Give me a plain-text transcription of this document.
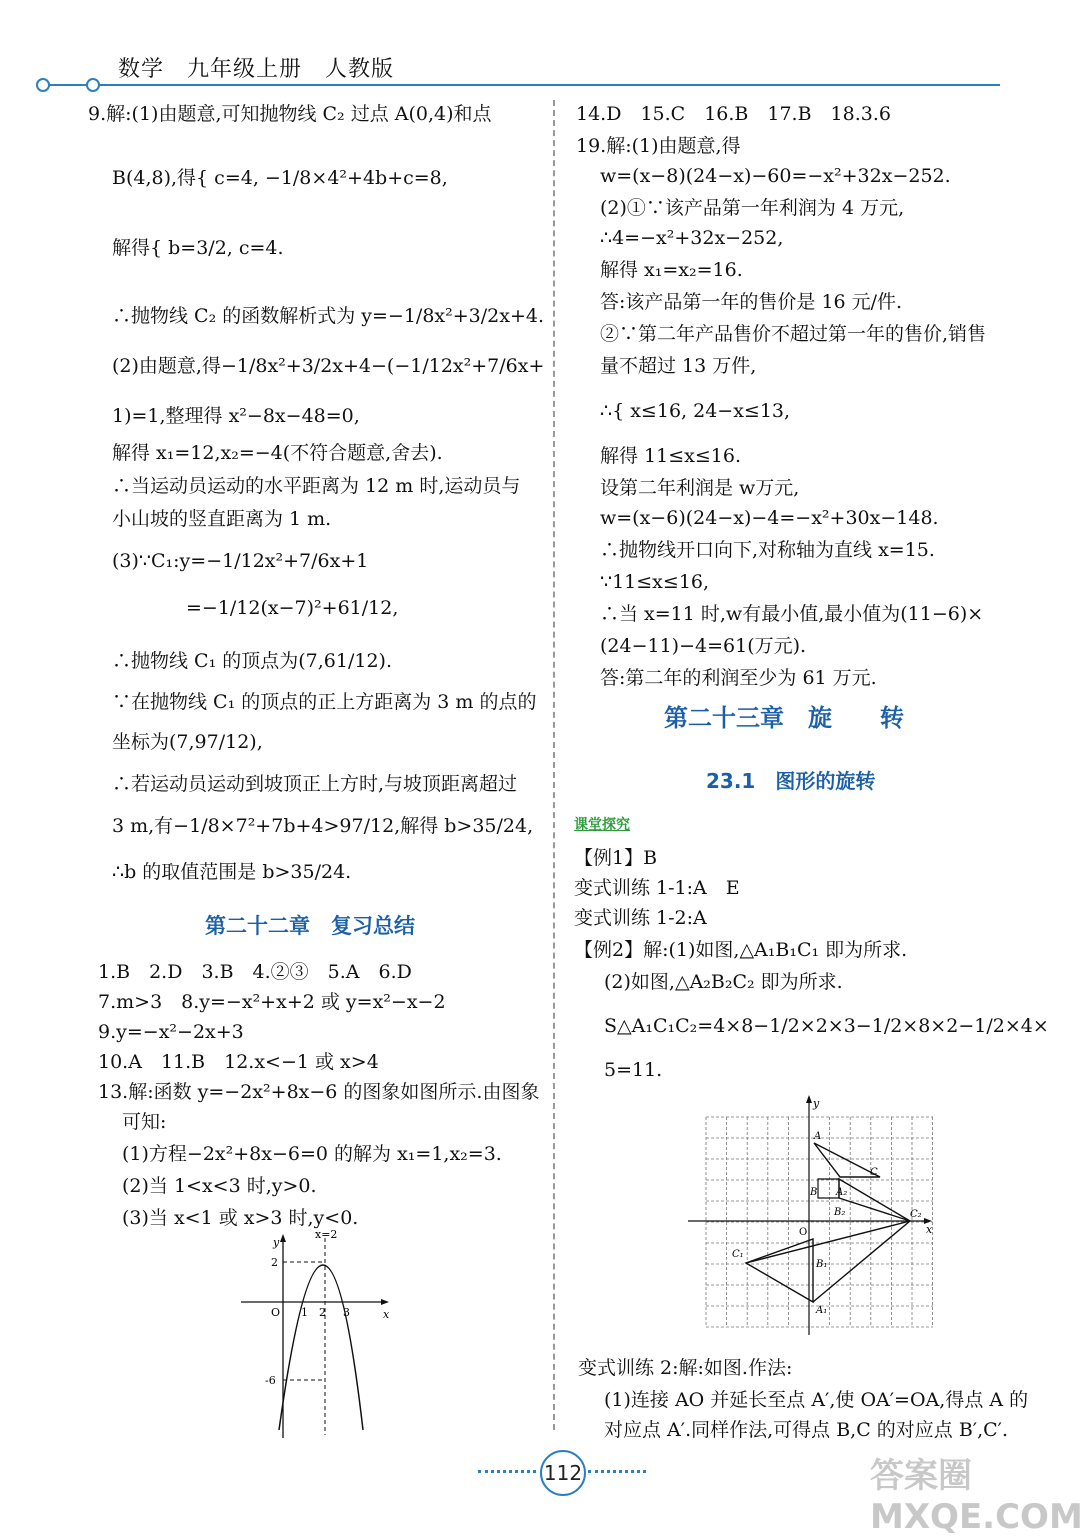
数学　九年级上册　人教版
9.解:(1)由题意,可知抛物线 C₂ 过点 A(0,4)和点
B(4,8),得{ c=4, −1/8×4²+4b+c=8,
解得{ b=3/2, c=4.
∴抛物线 C₂ 的函数解析式为 y=−1/8x²+3/2x+4.
(2)由题意,得−1/8x²+3/2x+4−(−1/12x²+7/6x+
1)=1,整理得 x²−8x−48=0,
解得 x₁=12,x₂=−4(不符合题意,舍去).
∴当运动员运动的水平距离为 12 m 时,运动员与
小山坡的竖直距离为 1 m.
(3)∵C₁:y=−1/12x²+7/6x+1
=−1/12(x−7)²+61/12,
∴抛物线 C₁ 的顶点为(7,61/12).
∵在抛物线 C₁ 的顶点的正上方距离为 3 m 的点的
坐标为(7,97/12),
∴若运动员运动到坡顶正上方时,与坡顶距离超过
3 m,有−1/8×7²+7b+4>97/12,解得 b>35/24,
∴b 的取值范围是 b>35/24.
第二十二章　复习总结
1.B　2.D　3.B　4.②③　5.A　6.D
7.m>3　8.y=−x²+x+2 或 y=x²−x−2
9.y=−x²−2x+3
10.A　11.B　12.x<−1 或 x>4
13.解:函数 y=−2x²+8x−6 的图象如图所示.由图象
可知:
(1)方程−2x²+8x−6=0 的解为 x₁=1,x₂=3.
(2)当 1<x<3 时,y>0.
(3)当 x<1 或 x>3 时,y<0.
y
x
x=2
O 1 2 3
2
-6
14.D　15.C　16.B　17.B　18.3.6
19.解:(1)由题意,得
w=(x−8)(24−x)−60=−x²+32x−252.
(2)①∵该产品第一年利润为 4 万元,
∴4=−x²+32x−252,
解得 x₁=x₂=16.
答:该产品第一年的售价是 16 元/件.
②∵第二年产品售价不超过第一年的售价,销售
量不超过 13 万件,
∴{ x≤16, 24−x≤13,
解得 11≤x≤16.
设第二年利润是 w万元,
w=(x−6)(24−x)−4=−x²+30x−148.
∴抛物线开口向下,对称轴为直线 x=15.
∵11≤x≤16,
∴当 x=11 时,w有最小值,最小值为(11−6)×
(24−11)−4=61(万元).
答:第二年的利润至少为 61 万元.
第二十三章　旋　　转
23.1　图形的旋转
课堂探究
【例1】B
变式训练 1-1:A　E
变式训练 1-2:A
【例2】解:(1)如图,△A₁B₁C₁ 即为所求.
(2)如图,△A₂B₂C₂ 即为所求.
S△A₁C₁C₂=4×8−1/2×2×3−1/2×8×2−1/2×4×
5=11.
变式训练 2:解:如图.作法:
(1)连接 AO 并延长至点 A′,使 OA′=OA,得点 A 的
对应点 A′.同样作法,可得点 B,C 的对应点 B′,C′.
y
x
O
A
B
C
A₂
B₂	C₂
A₁
B₁
C₁
112	答案圈 MXQE.COM
